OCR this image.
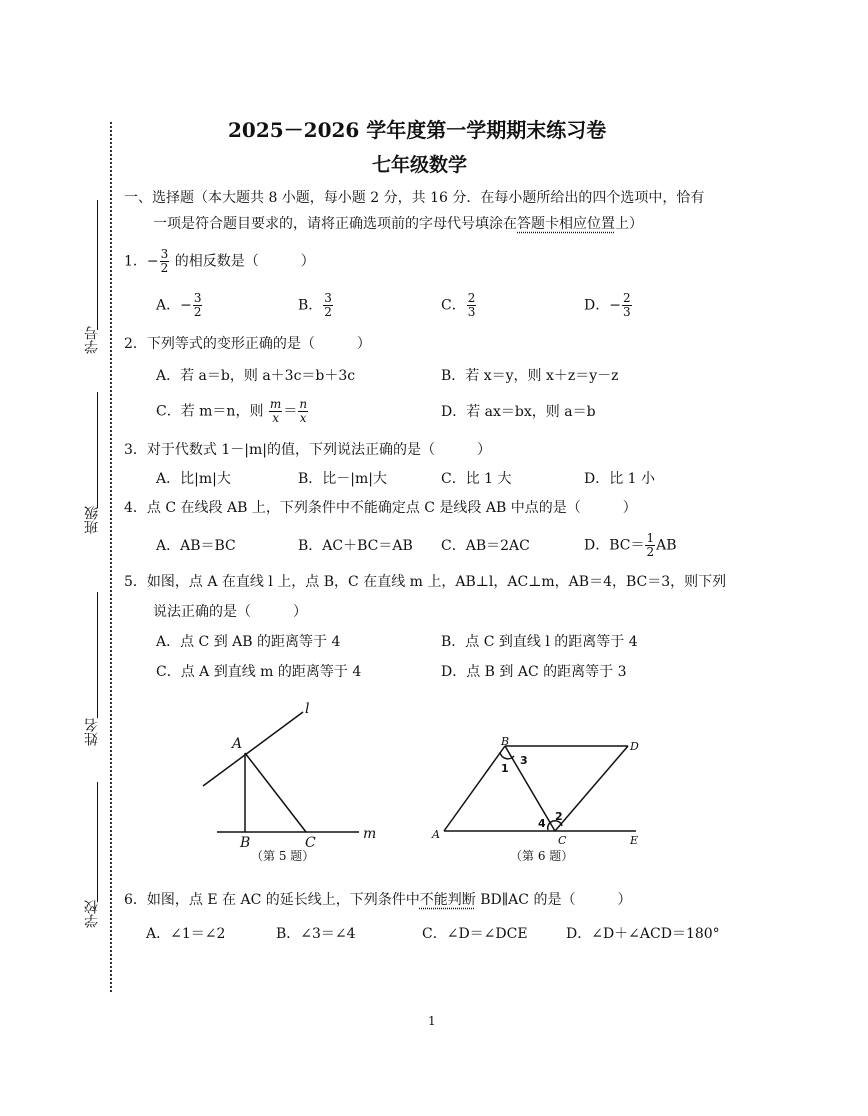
学号
班级
姓名
学校
2025－2026 学年度第一学期期末练习卷
七年级数学
一、选择题（本大题共 8 小题，每小题 2 分，共 16 分．在每小题所给出的四个选项中，恰有
一项是符合题目要求的，请将正确选项前的字母代号填涂在答题卡相应位置上）
1．− $\frac{3}{2}$ 的相反数是（　　　）
A．− $\frac{3}{2}$	B． $\frac{3}{2}$	C． $\frac{2}{3}$	D．− $\frac{2}{3}$
2．下列等式的变形正确的是（　　　）
A．若 a＝b，则 a＋3c＝b＋3c	B．若 x＝y，则 x＋z＝y－z
C．若 m＝n，则 $\frac{m}{x} = \frac{n}{x}$	D．若 ax＝bx，则 a＝b
3．对于代数式 1－|m|的值，下列说法正确的是（　　　）
A．比|m|大	B．比－|m|大	C．比 1 大	D．比 1 小
4．点 C 在线段 AB 上，下列条件中不能确定点 C 是线段 AB 中点的是（　　　）
A．AB＝BC	B．AC＋BC＝AB C．AB＝2AC	D．$BC= \frac{1}{2}$ AB
5．如图，点 A 在直线 l 上，点 B，C 在直线 m 上，AB⊥l，AC⊥m，AB＝4，BC＝3，则下列
说法正确的是（　　　）
A．点 C 到 AB 的距离等于 4	B．点 C 到直线 l 的距离等于 4
C．点 A 到直线 m 的距离等于 4	D．点 B 到 AC 的距离等于 3
A
B	C
l
m
（第 5 题）
A
B
C
D
E
1
3
2
4
（第 6 题）
6．如图，点 E 在 AC 的延长线上，下列条件中不能判断 BD∥AC 的是（　　　）
A．∠1＝∠2	B．∠3＝∠4	C．∠D＝∠DCE	D．∠D＋∠ACD＝180°
1
